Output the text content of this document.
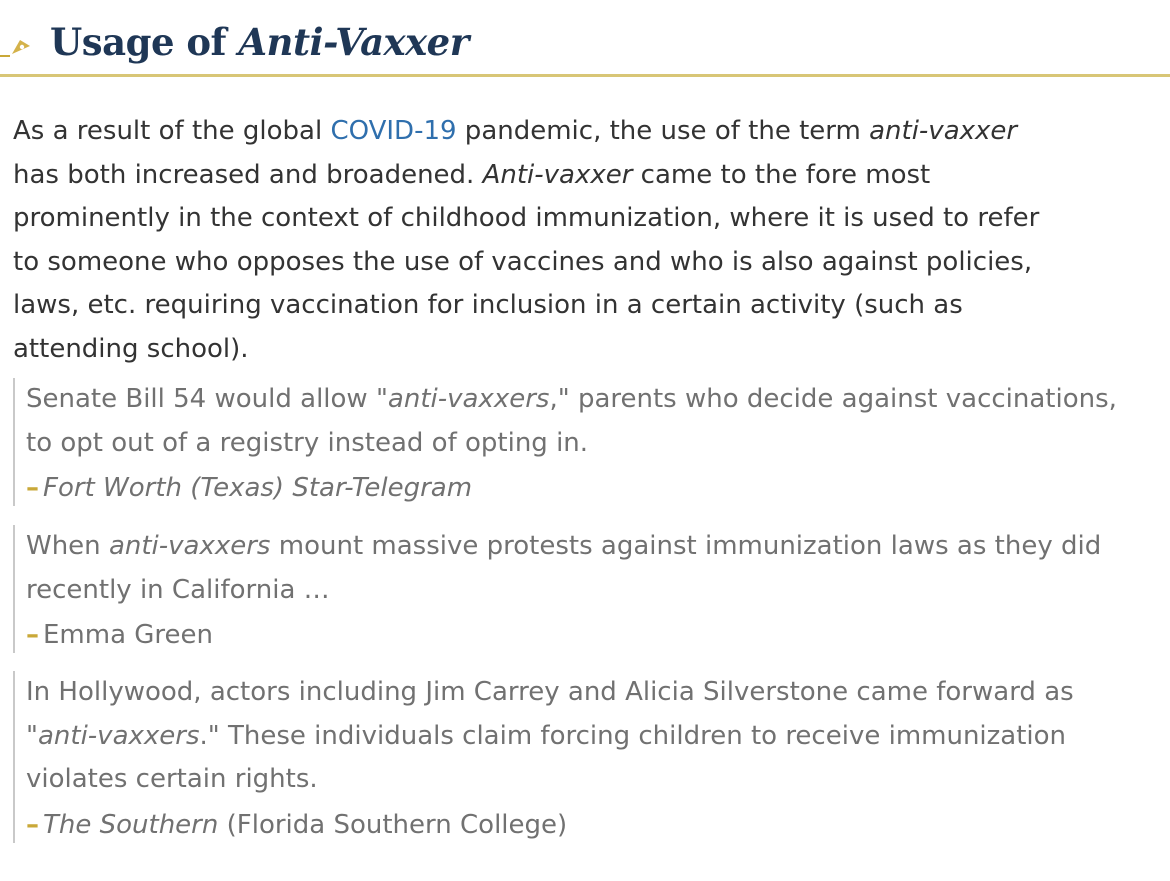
Usage of Anti-Vaxxer
As a result of the global COVID-19 pandemic, the use of the term anti-vaxxer
has both increased and broadened. Anti-vaxxer came to the fore most
prominently in the context of childhood immunization, where it is used to refer
to someone who opposes the use of vaccines and who is also against policies,
laws, etc. requiring vaccination for inclusion in a certain activity (such as
attending school).
Senate Bill 54 would allow "anti-vaxxers," parents who decide against vaccinations,
to opt out of a registry instead of opting in.
– Fort Worth (Texas) Star-Telegram
When anti-vaxxers mount massive protests against immunization laws as they did
recently in California …
– Emma Green
In Hollywood, actors including Jim Carrey and Alicia Silverstone came forward as
"anti-vaxxers." These individuals claim forcing children to receive immunization
violates certain rights.
– The Southern (Florida Southern College)
